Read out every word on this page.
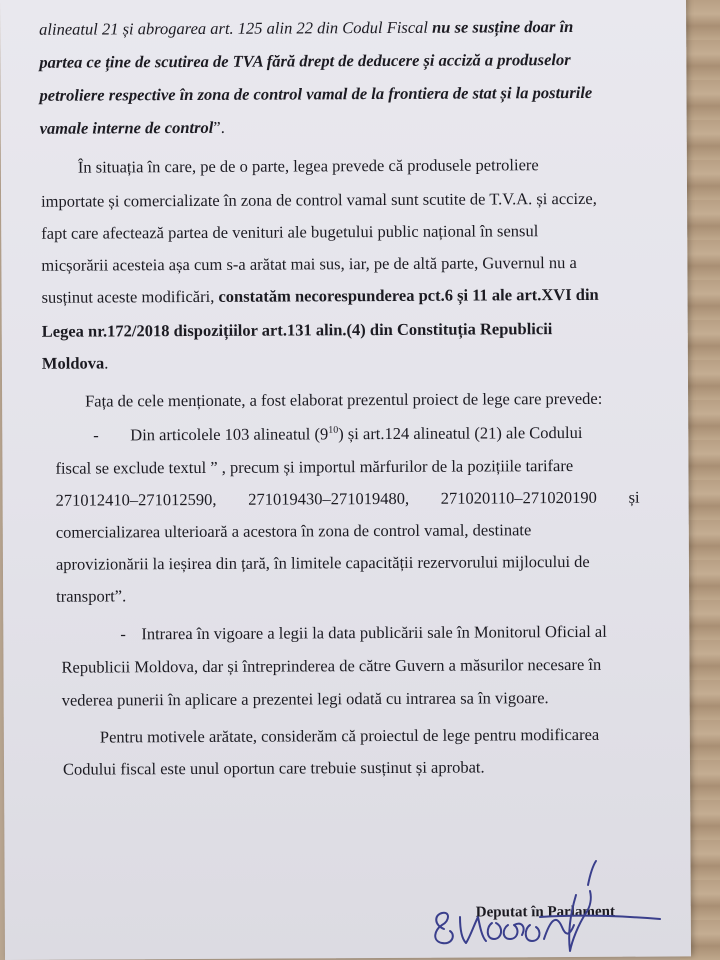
alineatul 21 și abrogarea art. 125 alin 22 din Codul Fiscal nu se susține doar în
partea ce ține de scutirea de TVA fără drept de deducere și acciză a produselor
petroliere respective în zona de control vamal de la frontiera de stat și la posturile
vamale interne de control”.
În situația în care, pe de o parte, legea prevede că produsele petroliere
importate și comercializate în zona de control vamal sunt scutite de T.V.A. și accize,
fapt care afectează partea de venituri ale bugetului public național în sensul
micșorării acesteia așa cum s-a arătat mai sus, iar, pe de altă parte, Guvernul nu a
susținut aceste modificări, constatăm necorespunderea pct.6 și 11 ale art.XVI din
Legea nr.172/2018 dispozițiilor art.131 alin.(4) din Constituția Republicii
Moldova.
Fața de cele menționate, a fost elaborat prezentul proiect de lege care prevede:
- Din articolele 103 alineatul $(9^{10})$ și art.124 alineatul (21) ale Codului
fiscal se exclude textul ” , precum și importul mărfurilor de la pozițiile tarifare
271012410–271012590, 271019430–271019480, 271020110–271020190 și
comercializarea ulterioară a acestora în zona de control vamal, destinate
aprovizionării la ieșirea din țară, în limitele capacității rezervorului mijlocului de
transport”.
- Intrarea în vigoare a legii la data publicării sale în Monitorul Oficial al
Republicii Moldova, dar și întreprinderea de către Guvern a măsurilor necesare în
vederea punerii în aplicare a prezentei legi odată cu intrarea sa în vigoare.
Pentru motivele arătate, considerăm că proiectul de lege pentru modificarea
Codului fiscal este unul oportun care trebuie susținut și aprobat.
Deputat în Parlament
